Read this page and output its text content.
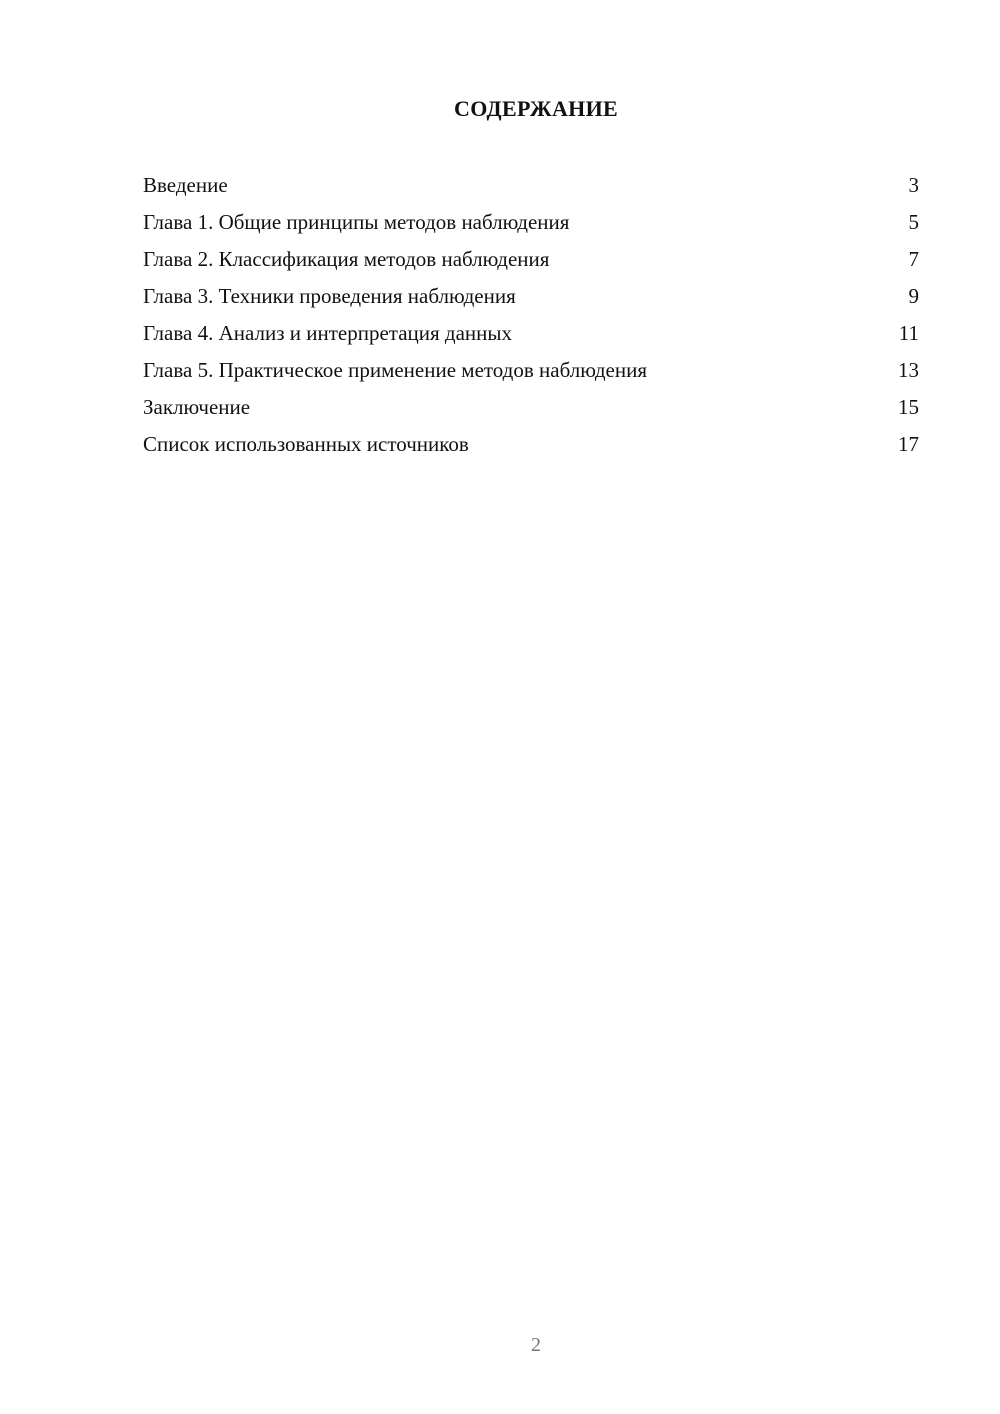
СОДЕРЖАНИЕ
Введение	3
Глава 1. Общие принципы методов наблюдения	5
Глава 2. Классификация методов наблюдения	7
Глава 3. Техники проведения наблюдения	9
Глава 4. Анализ и интерпретация данных	11
Глава 5. Практическое применение методов наблюдения	13
Заключение	15
Список использованных источников	17
2
